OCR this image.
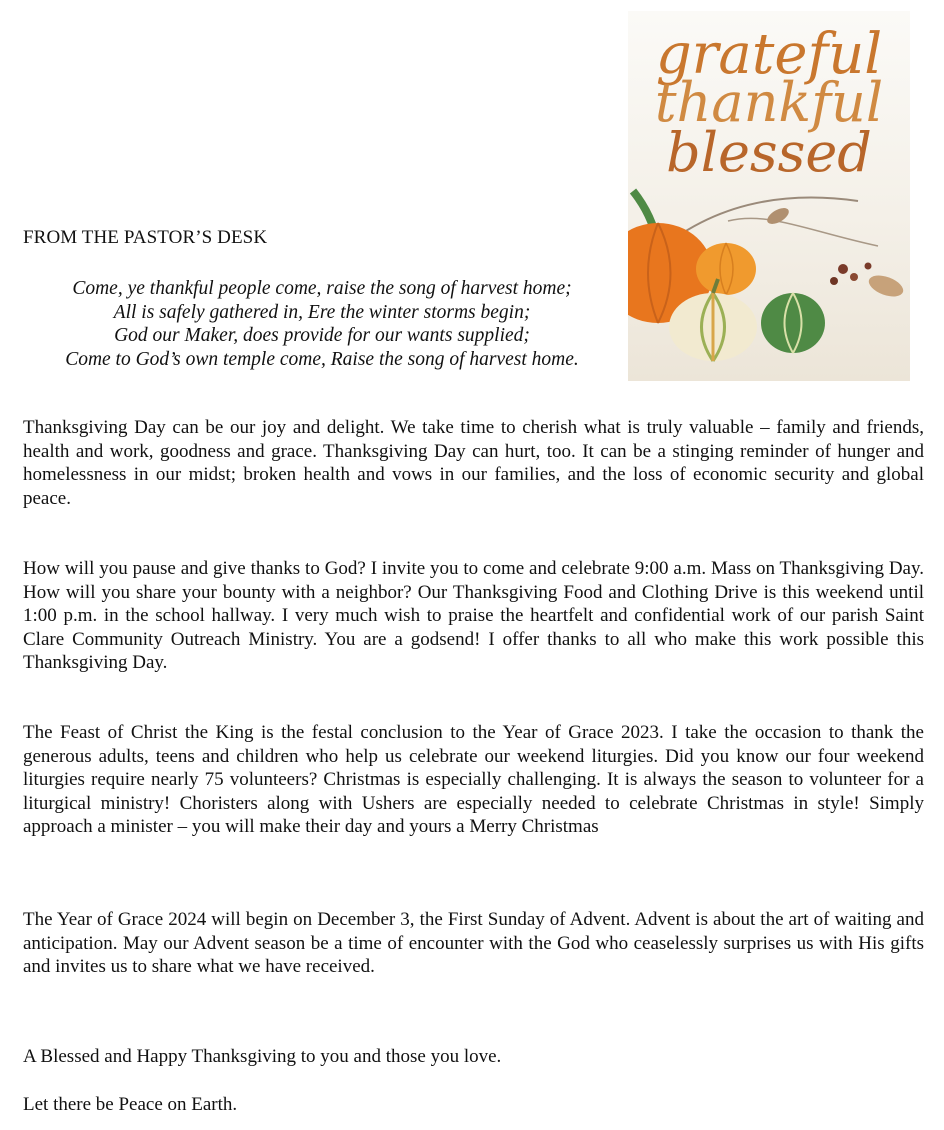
grateful
thankful
blessed
FROM THE PASTOR’S DESK
Come, ye thankful people come, raise the song of harvest home;
All is safely gathered in, Ere the winter storms begin;
God our Maker, does provide for our wants supplied;
Come to God’s own temple come, Raise the song of harvest home.

Thanksgiving Day can be our joy and delight. We take time to cherish what is truly valuable – family and friends, health and work, goodness and grace. Thanksgiving Day can hurt, too. It can be a stinging reminder of hunger and homelessness in our midst; broken health and vows in our families, and the loss of economic security and global peace.

How will you pause and give thanks to God? I invite you to come and celebrate 9:00 a.m. Mass on Thanksgiving Day. How will you share your bounty with a neighbor? Our Thanksgiving Food and Clothing Drive is this weekend until 1:00 p.m. in the school hallway. I very much wish to praise the heartfelt and confidential work of our parish Saint Clare Community Outreach Ministry. You are a godsend! I offer thanks to all who make this work possible this Thanksgiving Day.

The Feast of Christ the King is the festal conclusion to the Year of Grace 2023. I take the occasion to thank the generous adults, teens and children who help us celebrate our weekend liturgies. Did you know our four weekend liturgies require nearly 75 volunteers? Christmas is especially challenging. It is always the season to volunteer for a liturgical ministry! Choristers along with Ushers are especially needed to celebrate Christmas in style! Simply approach a minister – you will make their day and yours a Merry Christmas

The Year of Grace 2024 will begin on December 3, the First Sunday of Advent. Advent is about the art of waiting and anticipation. May our Advent season be a time of encounter with the God who ceaselessly surprises us with His gifts and invites us to share what we have received.

A Blessed and Happy Thanksgiving to you and those you love.

Let there be Peace on Earth.
